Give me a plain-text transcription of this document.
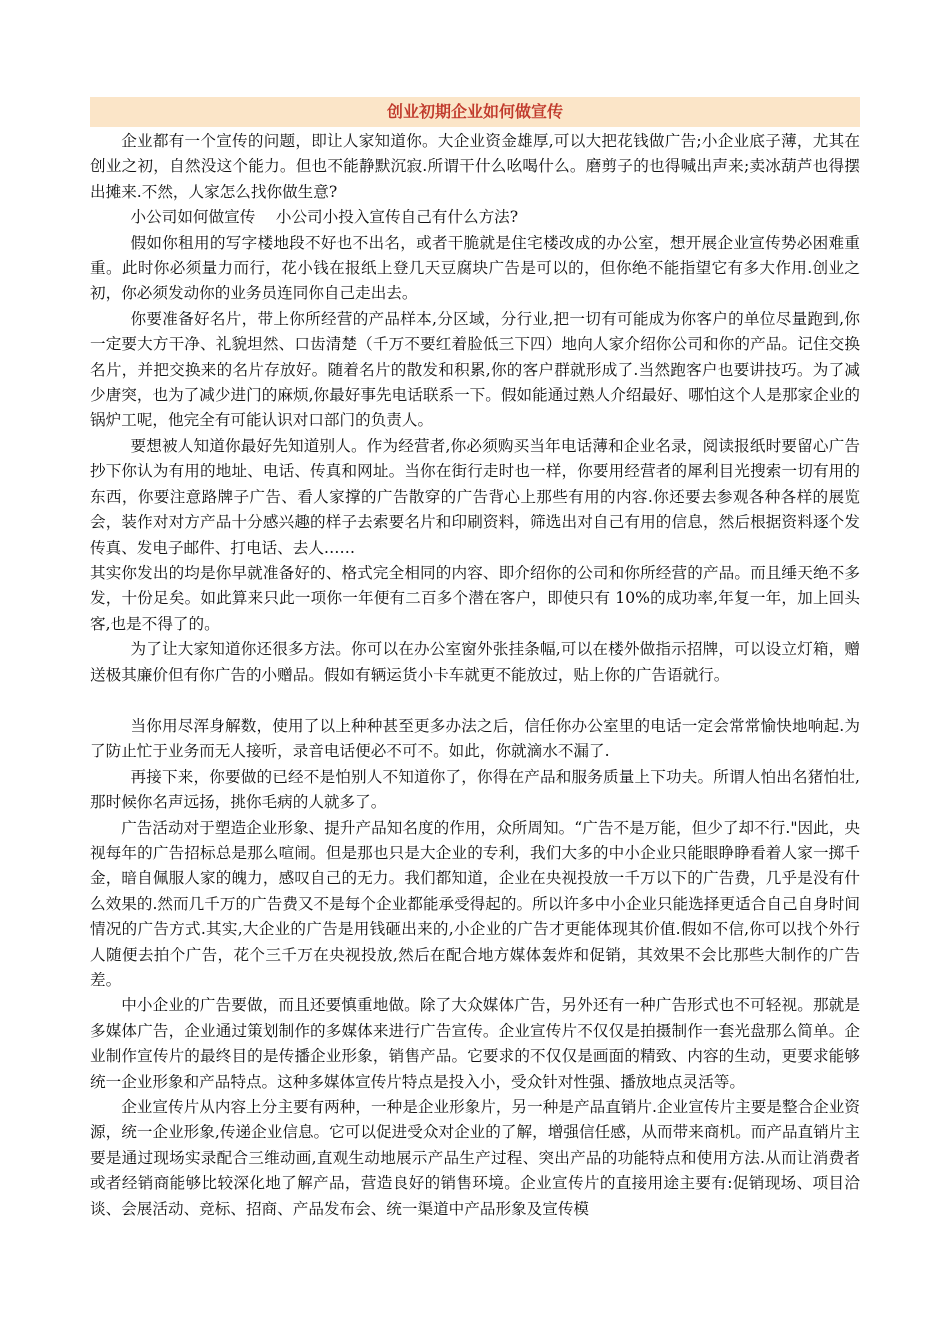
创业初期企业如何做宣传

企业都有一个宣传的问题，即让人家知道你。大企业资金雄厚,可以大把花钱做广告;小企业底子薄，尤其在创业之初，自然没这个能力。但也不能静默沉寂.所谓干什么吆喝什么。磨剪子的也得喊出声来;卖冰葫芦也得摆出摊来.不然，人家怎么找你做生意?

小公司如何做宣传　 小公司小投入宣传自己有什么方法?

假如你租用的写字楼地段不好也不出名，或者干脆就是住宅楼改成的办公室，想开展企业宣传势必困难重重。此时你必须量力而行，花小钱在报纸上登几天豆腐块广告是可以的，但你绝不能指望它有多大作用.创业之初，你必须发动你的业务员连同你自己走出去。

你要准备好名片，带上你所经营的产品样本,分区域，分行业,把一切有可能成为你客户的单位尽量跑到,你一定要大方干净、礼貌坦然、口齿清楚（千万不要红着脸低三下四）地向人家介绍你公司和你的产品。记住交换名片，并把交换来的名片存放好。随着名片的散发和积累,你的客户群就形成了.当然跑客户也要讲技巧。为了减少唐突，也为了减少进门的麻烦,你最好事先电话联系一下。假如能通过熟人介绍最好、哪怕这个人是那家企业的锅炉工呢，他完全有可能认识对口部门的负责人。

要想被人知道你最好先知道别人。作为经营者,你必须购买当年电话薄和企业名录，阅读报纸时要留心广告抄下你认为有用的地址、电话、传真和网址。当你在街行走时也一样，你要用经营者的犀利目光搜索一切有用的东西，你要注意路牌子广告、看人家撑的广告散穿的广告背心上那些有用的内容.你还要去参观各种各样的展览会，装作对对方产品十分感兴趣的样子去索要名片和印刷资料，筛选出对自己有用的信息，然后根据资料逐个发传真、发电子邮件、打电话、去人……

其实你发出的均是你早就准备好的、格式完全相同的内容、即介绍你的公司和你所经营的产品。而且缍天绝不多发，十份足矣。如此算来只此一项你一年便有二百多个潜在客户，即使只有 10%的成功率,年复一年，加上回头客,也是不得了的。

为了让大家知道你还很多方法。你可以在办公室窗外张挂条幅,可以在楼外做指示招牌，可以设立灯箱，赠送极其廉价但有你广告的小赠品。假如有辆运货小卡车就更不能放过，贴上你的广告语就行。

当你用尽浑身解数，使用了以上种种甚至更多办法之后，信任你办公室里的电话一定会常常愉快地响起.为了防止忙于业务而无人接听，录音电话便必不可不。如此，你就滴水不漏了.

再接下来，你要做的已经不是怕别人不知道你了，你得在产品和服务质量上下功夫。所谓人怕出名猪怕壮,那时候你名声远扬，挑你毛病的人就多了。

广告活动对于塑造企业形象、提升产品知名度的作用，众所周知。“广告不是万能，但少了却不行."因此，央视每年的广告招标总是那么喧闹。但是那也只是大企业的专利，我们大多的中小企业只能眼睁睁看着人家一掷千金，暗自佩服人家的魄力，感叹自己的无力。我们都知道，企业在央视投放一千万以下的广告费，几乎是没有什么效果的.然而几千万的广告费又不是每个企业都能承受得起的。所以许多中小企业只能选择更适合自己自身时间情况的广告方式.其实,大企业的广告是用钱砸出来的,小企业的广告才更能体现其价值.假如不信,你可以找个外行人随便去拍个广告，花个三千万在央视投放,然后在配合地方媒体轰炸和促销，其效果不会比那些大制作的广告差。

中小企业的广告要做，而且还要慎重地做。除了大众媒体广告，另外还有一种广告形式也不可轻视。那就是多媒体广告，企业通过策划制作的多媒体来进行广告宣传。企业宣传片不仅仅是拍摄制作一套光盘那么简单。企业制作宣传片的最终目的是传播企业形象，销售产品。它要求的不仅仅是画面的精致、内容的生动，更要求能够统一企业形象和产品特点。这种多媒体宣传片特点是投入小，受众针对性强、播放地点灵活等。

企业宣传片从内容上分主要有两种，一种是企业形象片，另一种是产品直销片.企业宣传片主要是整合企业资源，统一企业形象,传递企业信息。它可以促进受众对企业的了解，增强信任感，从而带来商机。而产品直销片主要是通过现场实录配合三维动画,直观生动地展示产品生产过程、突出产品的功能特点和使用方法.从而让消费者或者经销商能够比较深化地了解产品，营造良好的销售环境。企业宣传片的直接用途主要有:促销现场、项目洽谈、会展活动、竞标、招商、产品发布会、统一渠道中产品形象及宣传模
